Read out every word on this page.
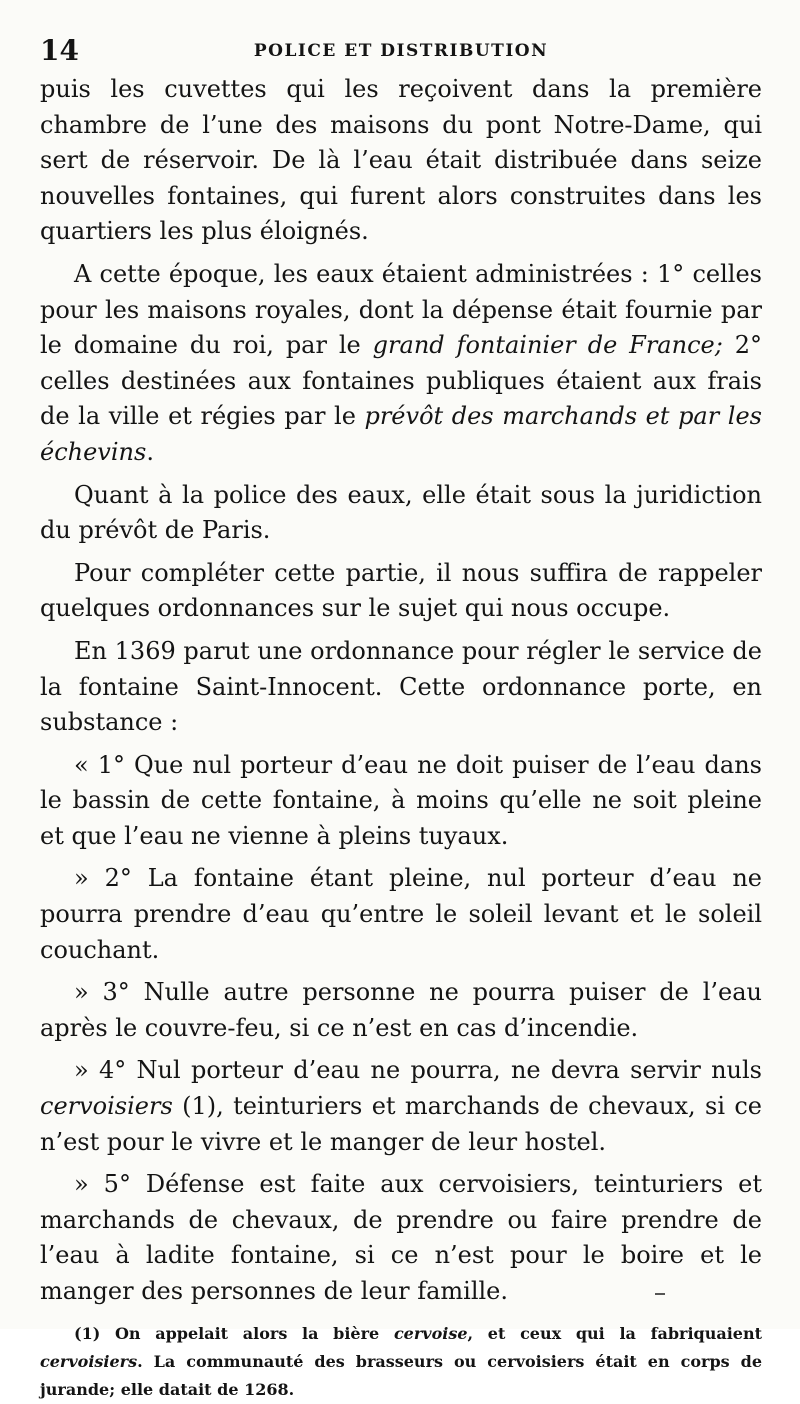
14	POLICE ET DISTRIBUTION

puis les cuvettes qui les reçoivent dans la première chambre de l’une des maisons du pont Notre-Dame, qui sert de réservoir. De là l’eau était distribuée dans seize nouvelles fontaines, qui furent alors construites dans les quartiers les plus éloignés.

A cette époque, les eaux étaient administrées : 1° celles pour les maisons royales, dont la dépense était fournie par le domaine du roi, par le grand fontainier de France; 2° celles destinées aux fontaines publiques étaient aux frais de la ville et régies par le prévôt des marchands et par les échevins.

Quant à la police des eaux, elle était sous la juridiction du prévôt de Paris.

Pour compléter cette partie, il nous suffira de rappeler quelques ordonnances sur le sujet qui nous occupe.

En 1369 parut une ordonnance pour régler le service de la fontaine Saint-Innocent. Cette ordonnance porte, en substance :

« 1° Que nul porteur d’eau ne doit puiser de l’eau dans le bassin de cette fontaine, à moins qu’elle ne soit pleine et que l’eau ne vienne à pleins tuyaux.

» 2° La fontaine étant pleine, nul porteur d’eau ne pourra prendre d’eau qu’entre le soleil levant et le soleil couchant.

» 3° Nulle autre personne ne pourra puiser de l’eau après le couvre-feu, si ce n’est en cas d’incendie.

» 4° Nul porteur d’eau ne pourra, ne devra servir nuls cervoisiers (1), teinturiers et marchands de chevaux, si ce n’est pour le vivre et le manger de leur hostel.

» 5° Défense est faite aux cervoisiers, teinturiers et marchands de chevaux, de prendre ou faire prendre de l’eau à ladite fontaine, si ce n’est pour le boire et le manger des personnes de leur famille.

(1) On appelait alors la bière cervoise, et ceux qui la fabriquaient cervoisiers. La communauté des brasseurs ou cervoisiers était en corps de jurande; elle datait de 1268.
